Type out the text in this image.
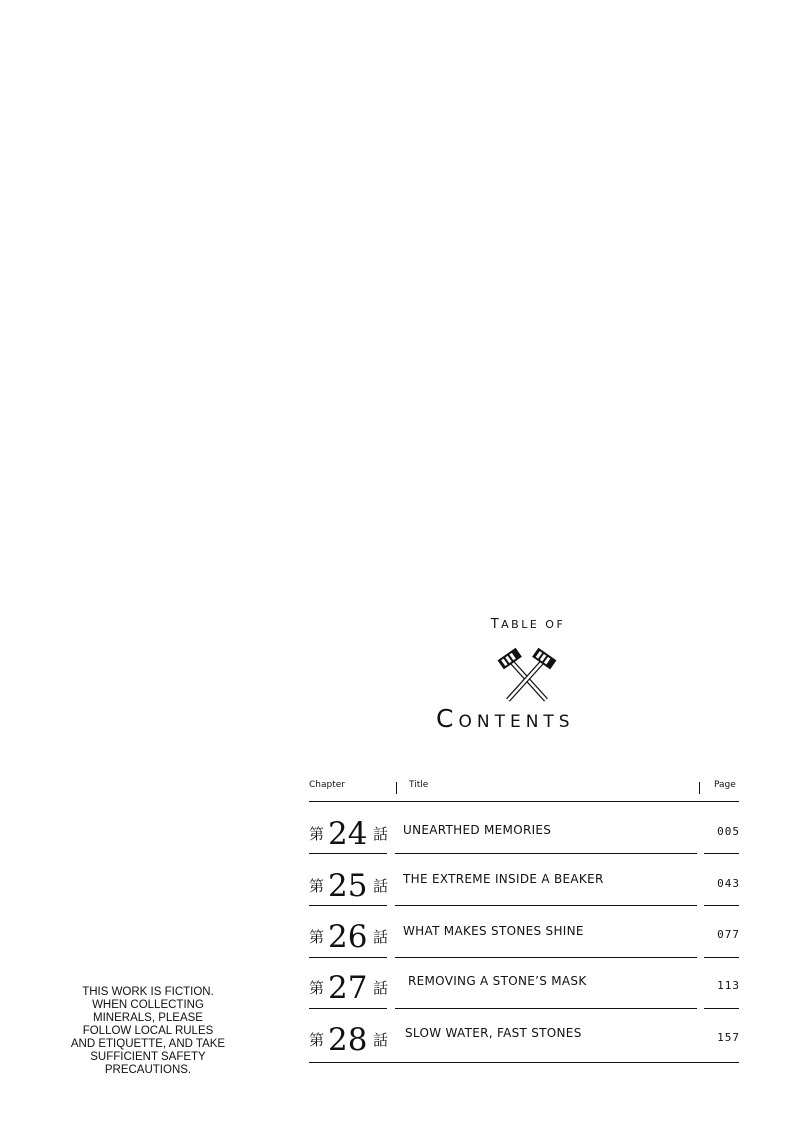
TABLE OF
CONTENTS
Chapter	Title	Page
第 24 話 UNEARTHED MEMORIES	005
第 25 話 THE EXTREME INSIDE A BEAKER	043
第 26 話 WHAT MAKES STONES SHINE	077
第 27 話 REMOVING A STONE’S MASK	113
第 28 話 SLOW WATER, FAST STONES	157
THIS WORK IS FICTION.
WHEN COLLECTING
MINERALS, PLEASE
FOLLOW LOCAL RULES
AND ETIQUETTE, AND TAKE
SUFFICIENT SAFETY
PRECAUTIONS.
